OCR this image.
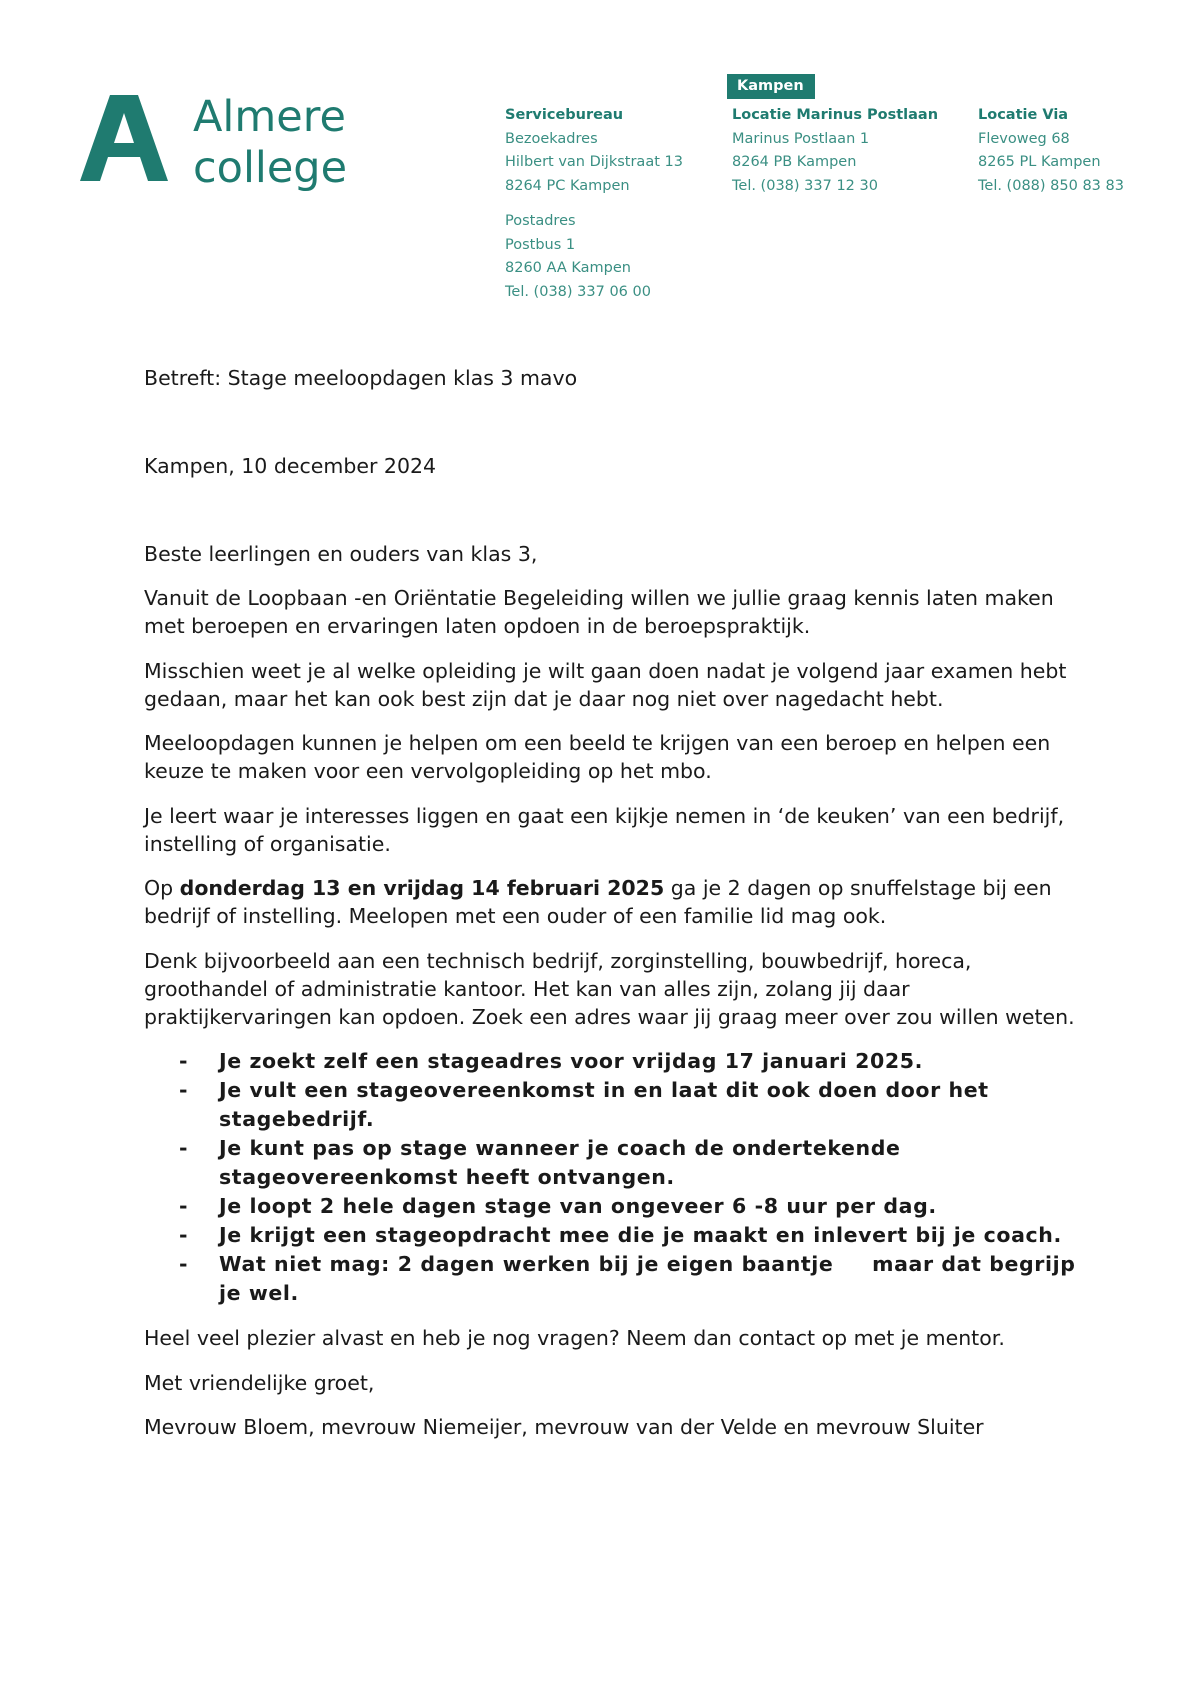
Almere
college
Kampen
Servicebureau
Bezoekadres
Hilbert van Dijkstraat 13
8264 PC Kampen
Postadres
Postbus 1
8260 AA Kampen
Tel. (038) 337 06 00
Locatie Marinus Postlaan
Marinus Postlaan 1
8264 PB Kampen
Tel. (038) 337 12 30
Locatie Via
Flevoweg 68
8265 PL Kampen
Tel. (088) 850 83 83

Betreft: Stage meeloopdagen klas 3 mavo

Kampen, 10 december 2024

Beste leerlingen en ouders van klas 3,

Vanuit de Loopbaan -en Oriëntatie Begeleiding willen we jullie graag kennis laten maken met beroepen en ervaringen laten opdoen in de beroepspraktijk.

Misschien weet je al welke opleiding je wilt gaan doen nadat je volgend jaar examen hebt gedaan, maar het kan ook best zijn dat je daar nog niet over nagedacht hebt.

Meeloopdagen kunnen je helpen om een beeld te krijgen van een beroep en helpen een keuze te maken voor een vervolgopleiding op het mbo.

Je leert waar je interesses liggen en gaat een kijkje nemen in ‘de keuken’ van een bedrijf, instelling of organisatie.

Op donderdag 13 en vrijdag 14 februari 2025 ga je 2 dagen op snuffelstage bij een bedrijf of instelling. Meelopen met een ouder of een familie lid mag ook.

Denk bijvoorbeeld aan een technisch bedrijf, zorginstelling, bouwbedrijf, horeca, groothandel of administratie kantoor. Het kan van alles zijn, zolang jij daar praktijkervaringen kan opdoen. Zoek een adres waar jij graag meer over zou willen weten.

- Je zoekt zelf een stageadres voor vrijdag 17 januari 2025.
- Je vult een stageovereenkomst in en laat dit ook doen door het stagebedrijf.
- Je kunt pas op stage wanneer je coach de ondertekende stageovereenkomst heeft ontvangen.
- Je loopt 2 hele dagen stage van ongeveer 6 -8 uur per dag.
- Je krijgt een stageopdracht mee die je maakt en inlevert bij je coach.
- Wat niet mag: 2 dagen werken bij je eigen baantje     maar dat begrijp je wel.

Heel veel plezier alvast en heb je nog vragen? Neem dan contact op met je mentor.

Met vriendelijke groet,

Mevrouw Bloem, mevrouw Niemeijer, mevrouw van der Velde en mevrouw Sluiter
